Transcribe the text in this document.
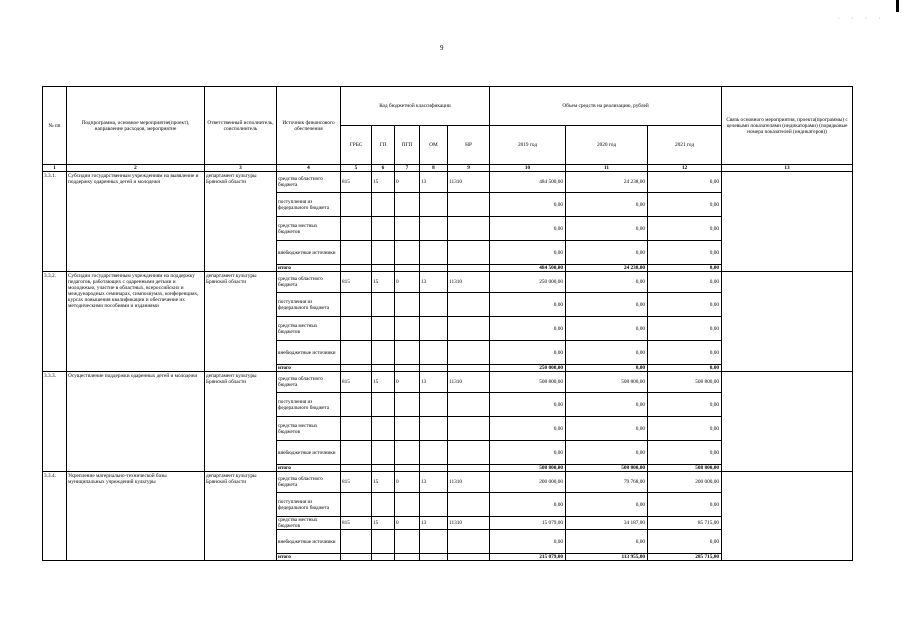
· · · ·
9
№ пп	Подпрограмма, основное мероприятие(проект), направление расходов, мероприятие	Ответственный исполнитель, соисполнитель	Источник финансового обеспечения	Код бюджетной классификации					Объем средств на реализацию, рублей			Связь основного мероприятия, проекта(программы) с целевыми показателями (индикаторами) (порядковые номера показателей (индикаторов))
				ГРБС	ГП	ПГП	ОМ	НР	2019 год	2020 год	2021 год	
1	2	3	4	5	6	7	8	9	10	11	12	13
3.3.1.	Субсидии государственным учреждениям на выявление и поддержку одаренных детей и молодежи	департамент культуры Брянской области	средства областного бюджета	815	15	0	13	11310	484 500,00	24 238,00	0,00	
			поступления из федерального бюджета						0,00	0,00	0,00	
			средства местных бюджетов						0,00	0,00	0,00	
			внебюджетные источники						0,00	0,00	0,00	
			итого						484 500,00	24 238,00	0,00	
3.3.2.	Субсидии государственным учреждениям на поддержку педагогов, работающих с одаренными детьми и молодежью, участие в областных, всероссийских и международных семинарах, симпозиумах, конференциях, курсах повышения квалификации и обеспечение их методическими пособиями и изданиями	департамент культуры Брянской области	средства областного бюджета	815	15	0	13	11310	250 000,00	0,00	0,00	
			поступления из федерального бюджета						0,00	0,00	0,00	
			средства местных бюджетов						0,00	0,00	0,00	
			внебюджетные источники						0,00	0,00	0,00	
			итого						250 000,00	0,00	0,00	
3.3.3.	Осуществление поддержки одаренных детей и молодежи	департамент культуры Брянской области	средства областного бюджета	815	15	0	13	11310	508 800,00	508 800,00	508 800,00	
			поступления из федерального бюджета						0,00	0,00	0,00	
			средства местных бюджетов						0,00	0,00	0,00	
			внебюджетные источники						0,00	0,00	0,00	
			итого						508 800,00	508 800,00	508 800,00	
3.3.4.	Укрепление материально-технической базы муниципальных учреждений культуры	департамент культуры Брянской области	средства областного бюджета	815	15	0	13	11310	200 000,00	79 768,00	200 000,00	
			поступления из федерального бюджета						0,00	0,00	0,00	
			средства местных бюджетов	815	15	0	13	11310	15 079,00	34 187,00	85 715,00	
			внебюджетные источники						0,00	0,00	0,00	
			итого						215 079,00	113 955,00	285 715,00	
